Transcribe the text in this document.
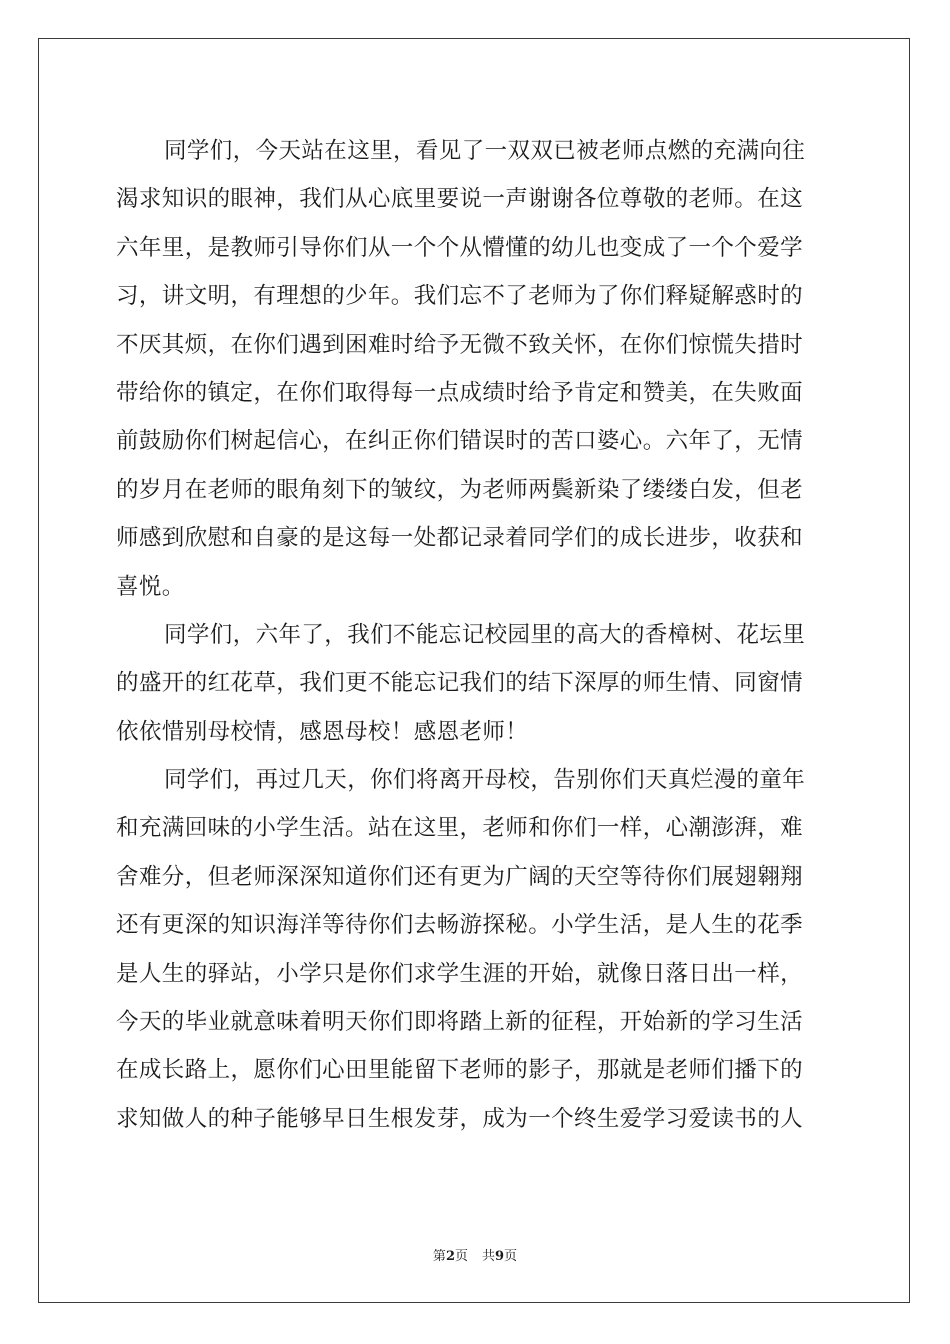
同学们，今天站在这里，看见了一双双已被老师点燃的充满向往
渴求知识的眼神，我们从心底里要说一声谢谢各位尊敬的老师。在这
六年里，是教师引导你们从一个个从懵懂的幼儿也变成了一个个爱学
习，讲文明，有理想的少年。我们忘不了老师为了你们释疑解惑时的
不厌其烦，在你们遇到困难时给予无微不致关怀，在你们惊慌失措时
带给你的镇定，在你们取得每一点成绩时给予肯定和赞美，在失败面
前鼓励你们树起信心，在纠正你们错误时的苦口婆心。六年了，无情
的岁月在老师的眼角刻下的皱纹，为老师两鬓新染了缕缕白发，但老
师感到欣慰和自豪的是这每一处都记录着同学们的成长进步，收获和
喜悦。
同学们，六年了，我们不能忘记校园里的高大的香樟树、花坛里
的盛开的红花草，我们更不能忘记我们的结下深厚的师生情、同窗情
依依惜别母校情，感恩母校！感恩老师！
同学们，再过几天，你们将离开母校，告别你们天真烂漫的童年
和充满回味的小学生活。站在这里，老师和你们一样，心潮澎湃，难
舍难分，但老师深深知道你们还有更为广阔的天空等待你们展翅翱翔
还有更深的知识海洋等待你们去畅游探秘。小学生活，是人生的花季
是人生的驿站，小学只是你们求学生涯的开始，就像日落日出一样，
今天的毕业就意味着明天你们即将踏上新的征程，开始新的学习生活
在成长路上，愿你们心田里能留下老师的影子，那就是老师们播下的
求知做人的种子能够早日生根发芽，成为一个终生爱学习爱读书的人
第2页 共9页
